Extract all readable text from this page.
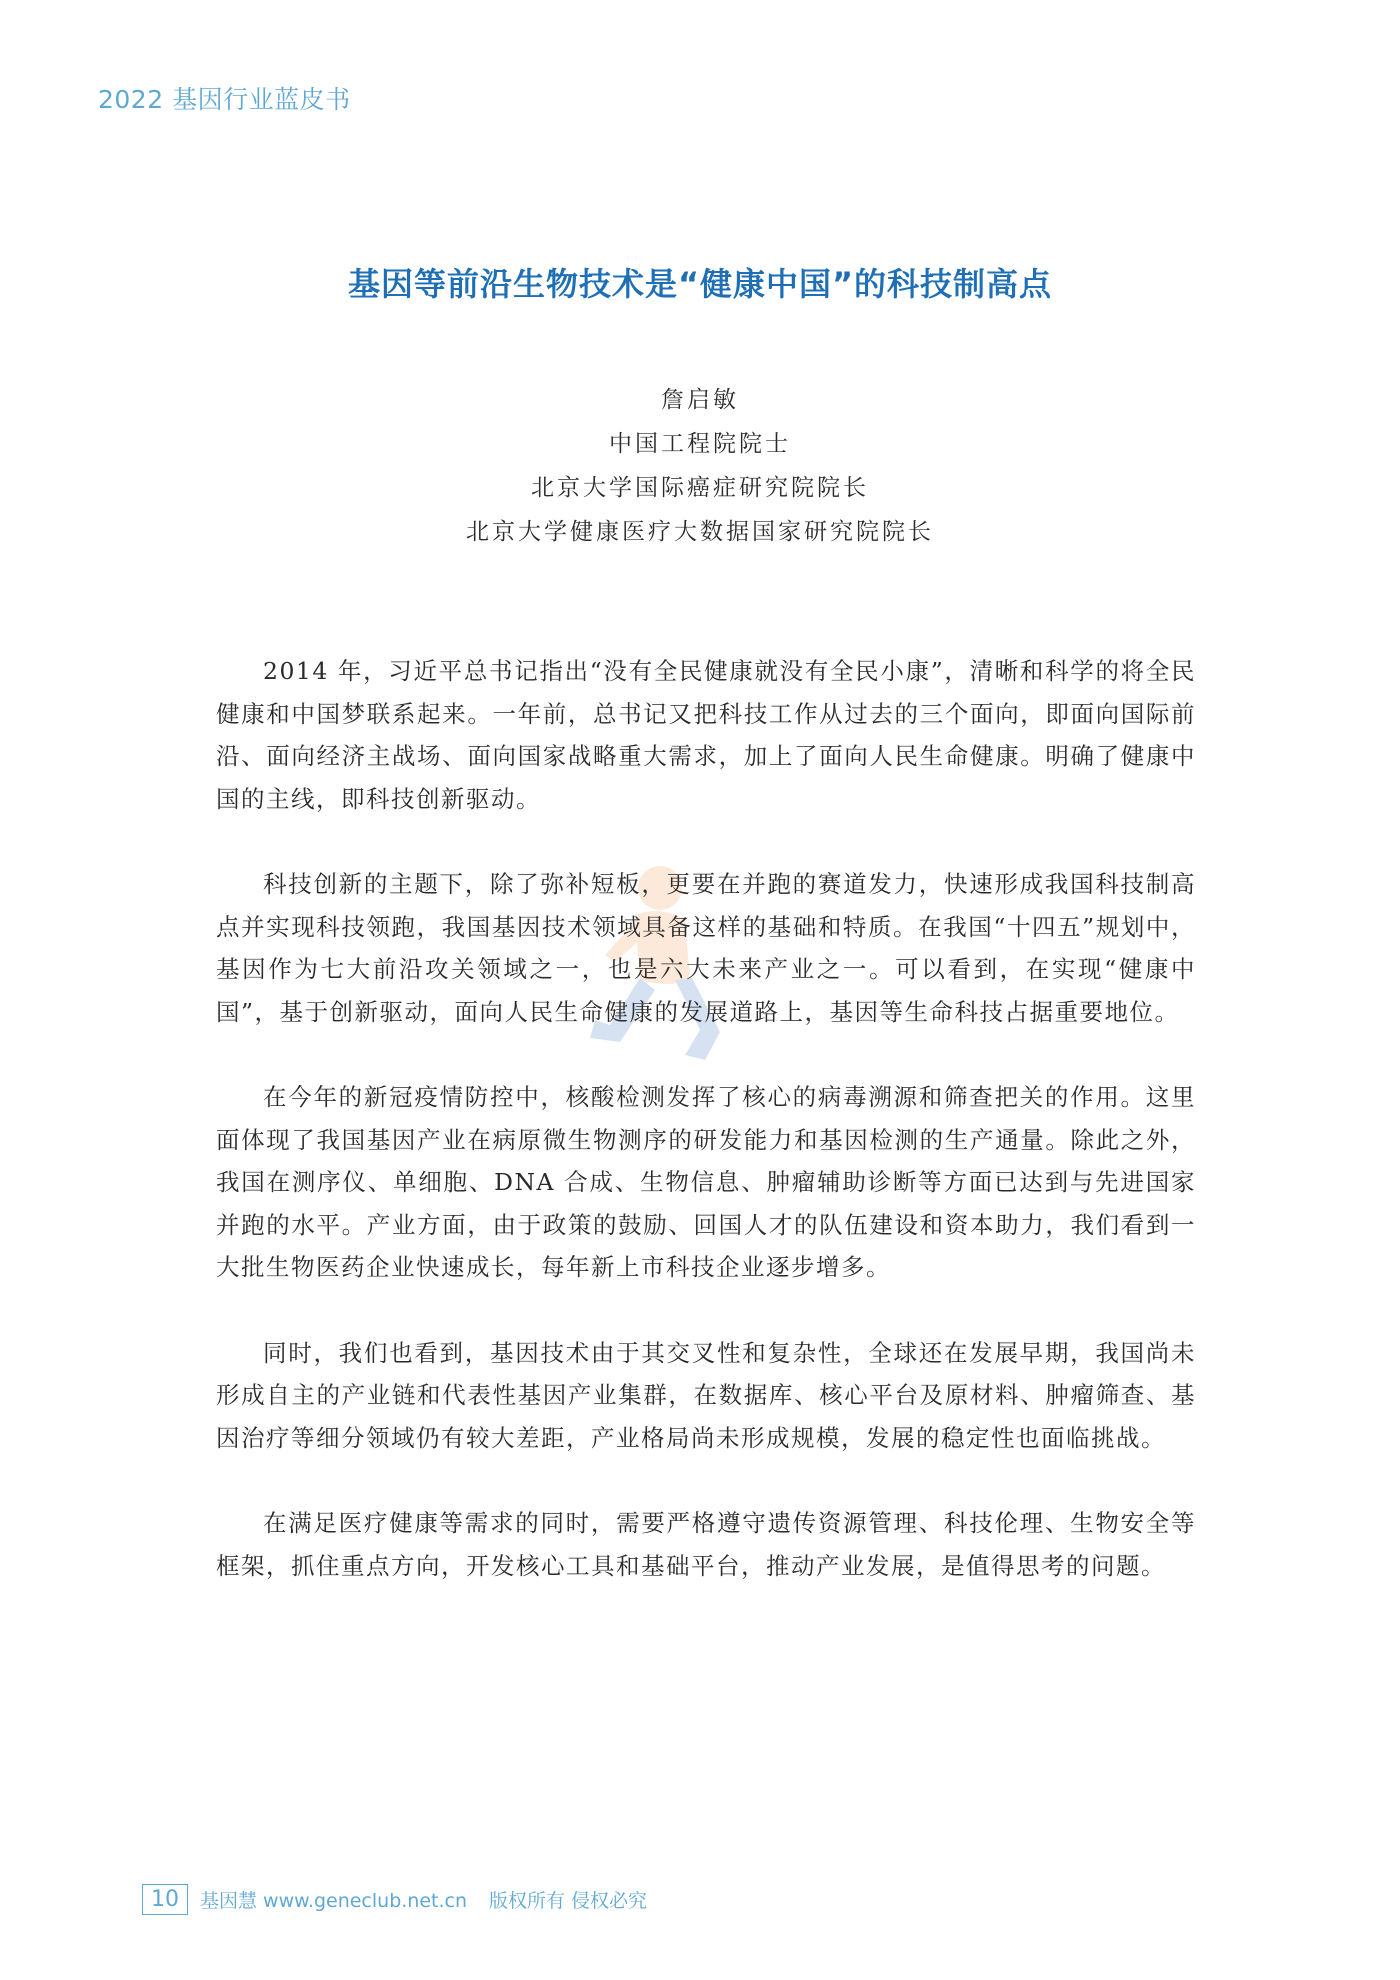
2022 基因行业蓝皮书
基因等前沿生物技术是“健康中国”的科技制高点
詹启敏
中国工程院院士
北京大学国际癌症研究院院长
北京大学健康医疗大数据国家研究院院长

2014 年，习近平总书记指出“没有全民健康就没有全民小康”，清晰和科学的将全民健康和中国梦联系起来。一年前，总书记又把科技工作从过去的三个面向，即面向国际前沿、面向经济主战场、面向国家战略重大需求，加上了面向人民生命健康。明确了健康中国的主线，即科技创新驱动。

科技创新的主题下，除了弥补短板，更要在并跑的赛道发力，快速形成我国科技制高点并实现科技领跑，我国基因技术领域具备这样的基础和特质。在我国“十四五”规划中，基因作为七大前沿攻关领域之一，也是六大未来产业之一。可以看到，在实现“健康中国”，基于创新驱动，面向人民生命健康的发展道路上，基因等生命科技占据重要地位。

在今年的新冠疫情防控中，核酸检测发挥了核心的病毒溯源和筛查把关的作用。这里面体现了我国基因产业在病原微生物测序的研发能力和基因检测的生产通量。除此之外，我国在测序仪、单细胞、DNA 合成、生物信息、肿瘤辅助诊断等方面已达到与先进国家并跑的水平。产业方面，由于政策的鼓励、回国人才的队伍建设和资本助力，我们看到一大批生物医药企业快速成长，每年新上市科技企业逐步增多。

同时，我们也看到，基因技术由于其交叉性和复杂性，全球还在发展早期，我国尚未形成自主的产业链和代表性基因产业集群，在数据库、核心平台及原材料、肿瘤筛查、基因治疗等细分领域仍有较大差距，产业格局尚未形成规模，发展的稳定性也面临挑战。

在满足医疗健康等需求的同时，需要严格遵守遗传资源管理、科技伦理、生物安全等框架，抓住重点方向，开发核心工具和基础平台，推动产业发展，是值得思考的问题。

10	基因慧 www.geneclub.net.cn 版权所有 侵权必究
